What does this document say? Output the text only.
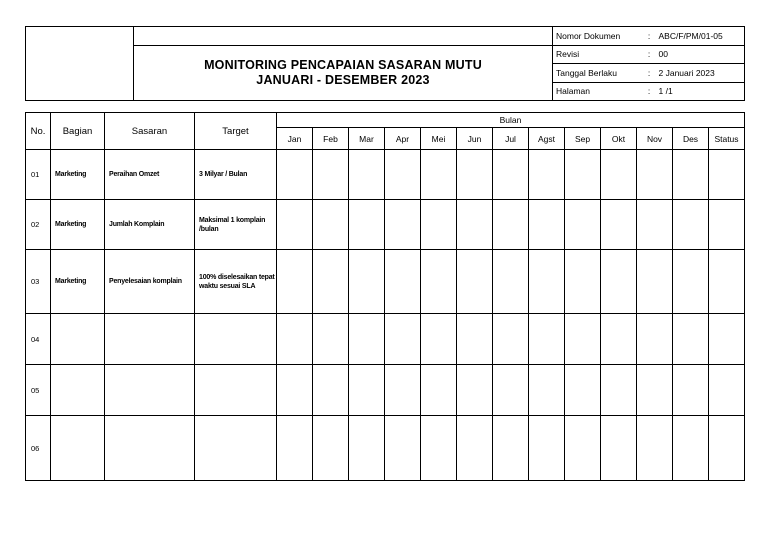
		Nomor Dokumen	:	ABC/F/PM/01-05

	MONITORING PENCAPAIAN SASARAN MUTU
JANUARI - DESEMBER 2023	Revisi	:	00
		Tanggal Berlaku	:	2 Januari 2023
		Halaman	:	1 /1
No.	Bagian	Sasaran	Target	Bulan												
				Jan	Feb	Mar	Apr	Mei	Jun	Jul	Agst	Sep	Okt	Nov	Des	Status
01	Marketing	Peraihan Omzet	3 Milyar / Bulan													
02	Marketing	Jumlah Komplain	Maksimal 1 komplain /bulan													
03	Marketing	Penyelesaian komplain	100% diselesaikan tepat waktu sesuai SLA													
04																
05																
06																
